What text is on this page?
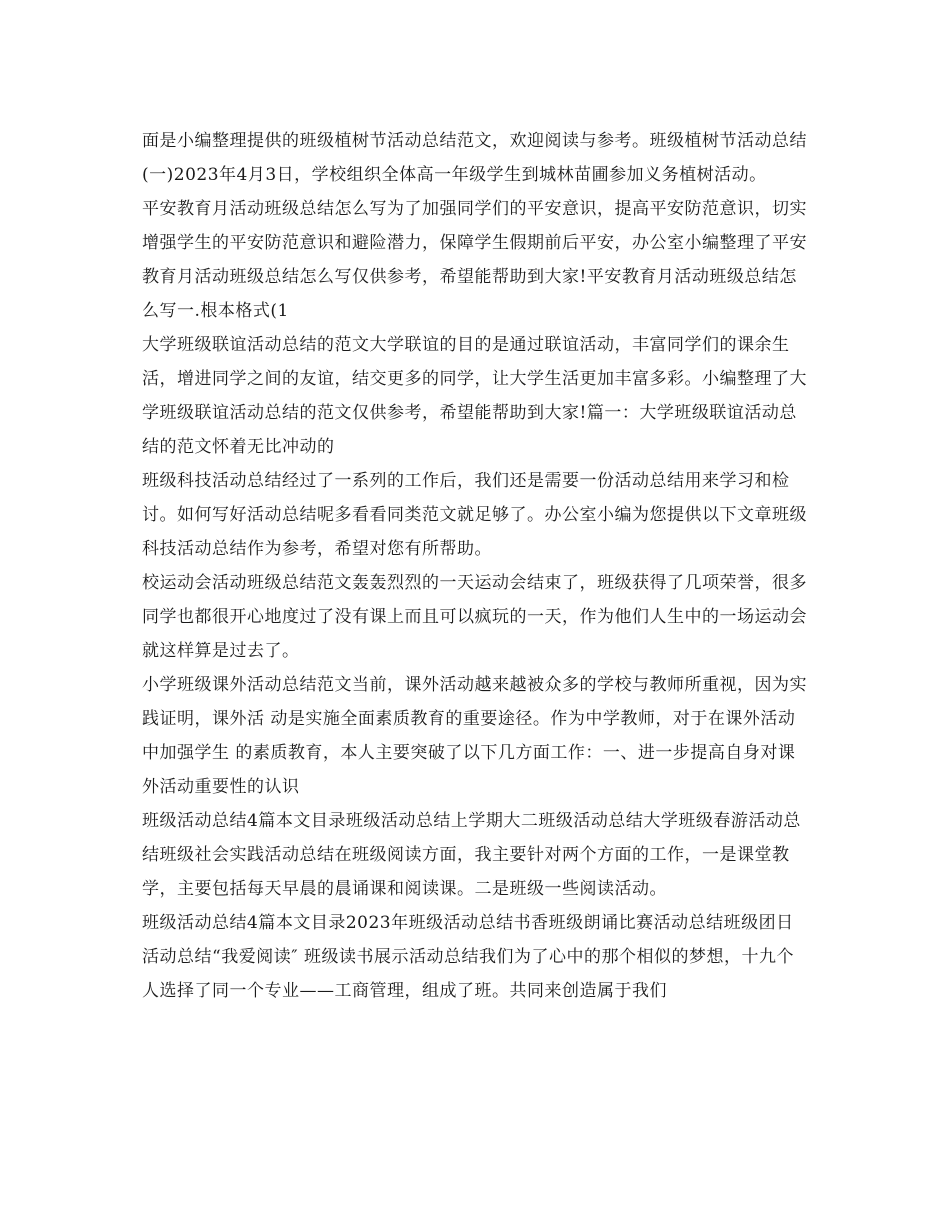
面是小编整理提供的班级植树节活动总结范文，欢迎阅读与参考。班级植树节活动总结(一)2023年4月3日，学校组织全体高一年级学生到城林苗圃参加义务植树活动。

平安教育月活动班级总结怎么写为了加强同学们的平安意识，提高平安防范意识，切实增强学生的平安防范意识和避险潜力，保障学生假期前后平安，办公室小编整理了平安教育月活动班级总结怎么写仅供参考，希望能帮助到大家!平安教育月活动班级总结怎么写一.根本格式(1

大学班级联谊活动总结的范文大学联谊的目的是通过联谊活动，丰富同学们的课余生活，增进同学之间的友谊，结交更多的同学，让大学生活更加丰富多彩。小编整理了大学班级联谊活动总结的范文仅供参考，希望能帮助到大家!篇一：大学班级联谊活动总结的范文怀着无比冲动的

班级科技活动总结经过了一系列的工作后，我们还是需要一份活动总结用来学习和检讨。如何写好活动总结呢多看看同类范文就足够了。办公室小编为您提供以下文章班级科技活动总结作为参考，希望对您有所帮助。

校运动会活动班级总结范文轰轰烈烈的一天运动会结束了，班级获得了几项荣誉，很多同学也都很开心地度过了没有课上而且可以疯玩的一天，作为他们人生中的一场运动会就这样算是过去了。

小学班级课外活动总结范文当前，课外活动越来越被众多的学校与教师所重视，因为实践证明，课外活 动是实施全面素质教育的重要途径。作为中学教师，对于在课外活动中加强学生 的素质教育，本人主要突破了以下几方面工作：一、进一步提高自身对课外活动重要性的认识

班级活动总结4篇本文目录班级活动总结上学期大二班级活动总结大学班级春游活动总结班级社会实践活动总结在班级阅读方面，我主要针对两个方面的工作，一是课堂教学，主要包括每天早晨的晨诵课和阅读课。二是班级一些阅读活动。

班级活动总结4篇本文目录2023年班级活动总结书香班级朗诵比赛活动总结班级团日活动总结“我爱阅读″ 班级读书展示活动总结我们为了心中的那个相似的梦想，十九个人选择了同一个专业——工商管理，组成了班。共同来创造属于我们
